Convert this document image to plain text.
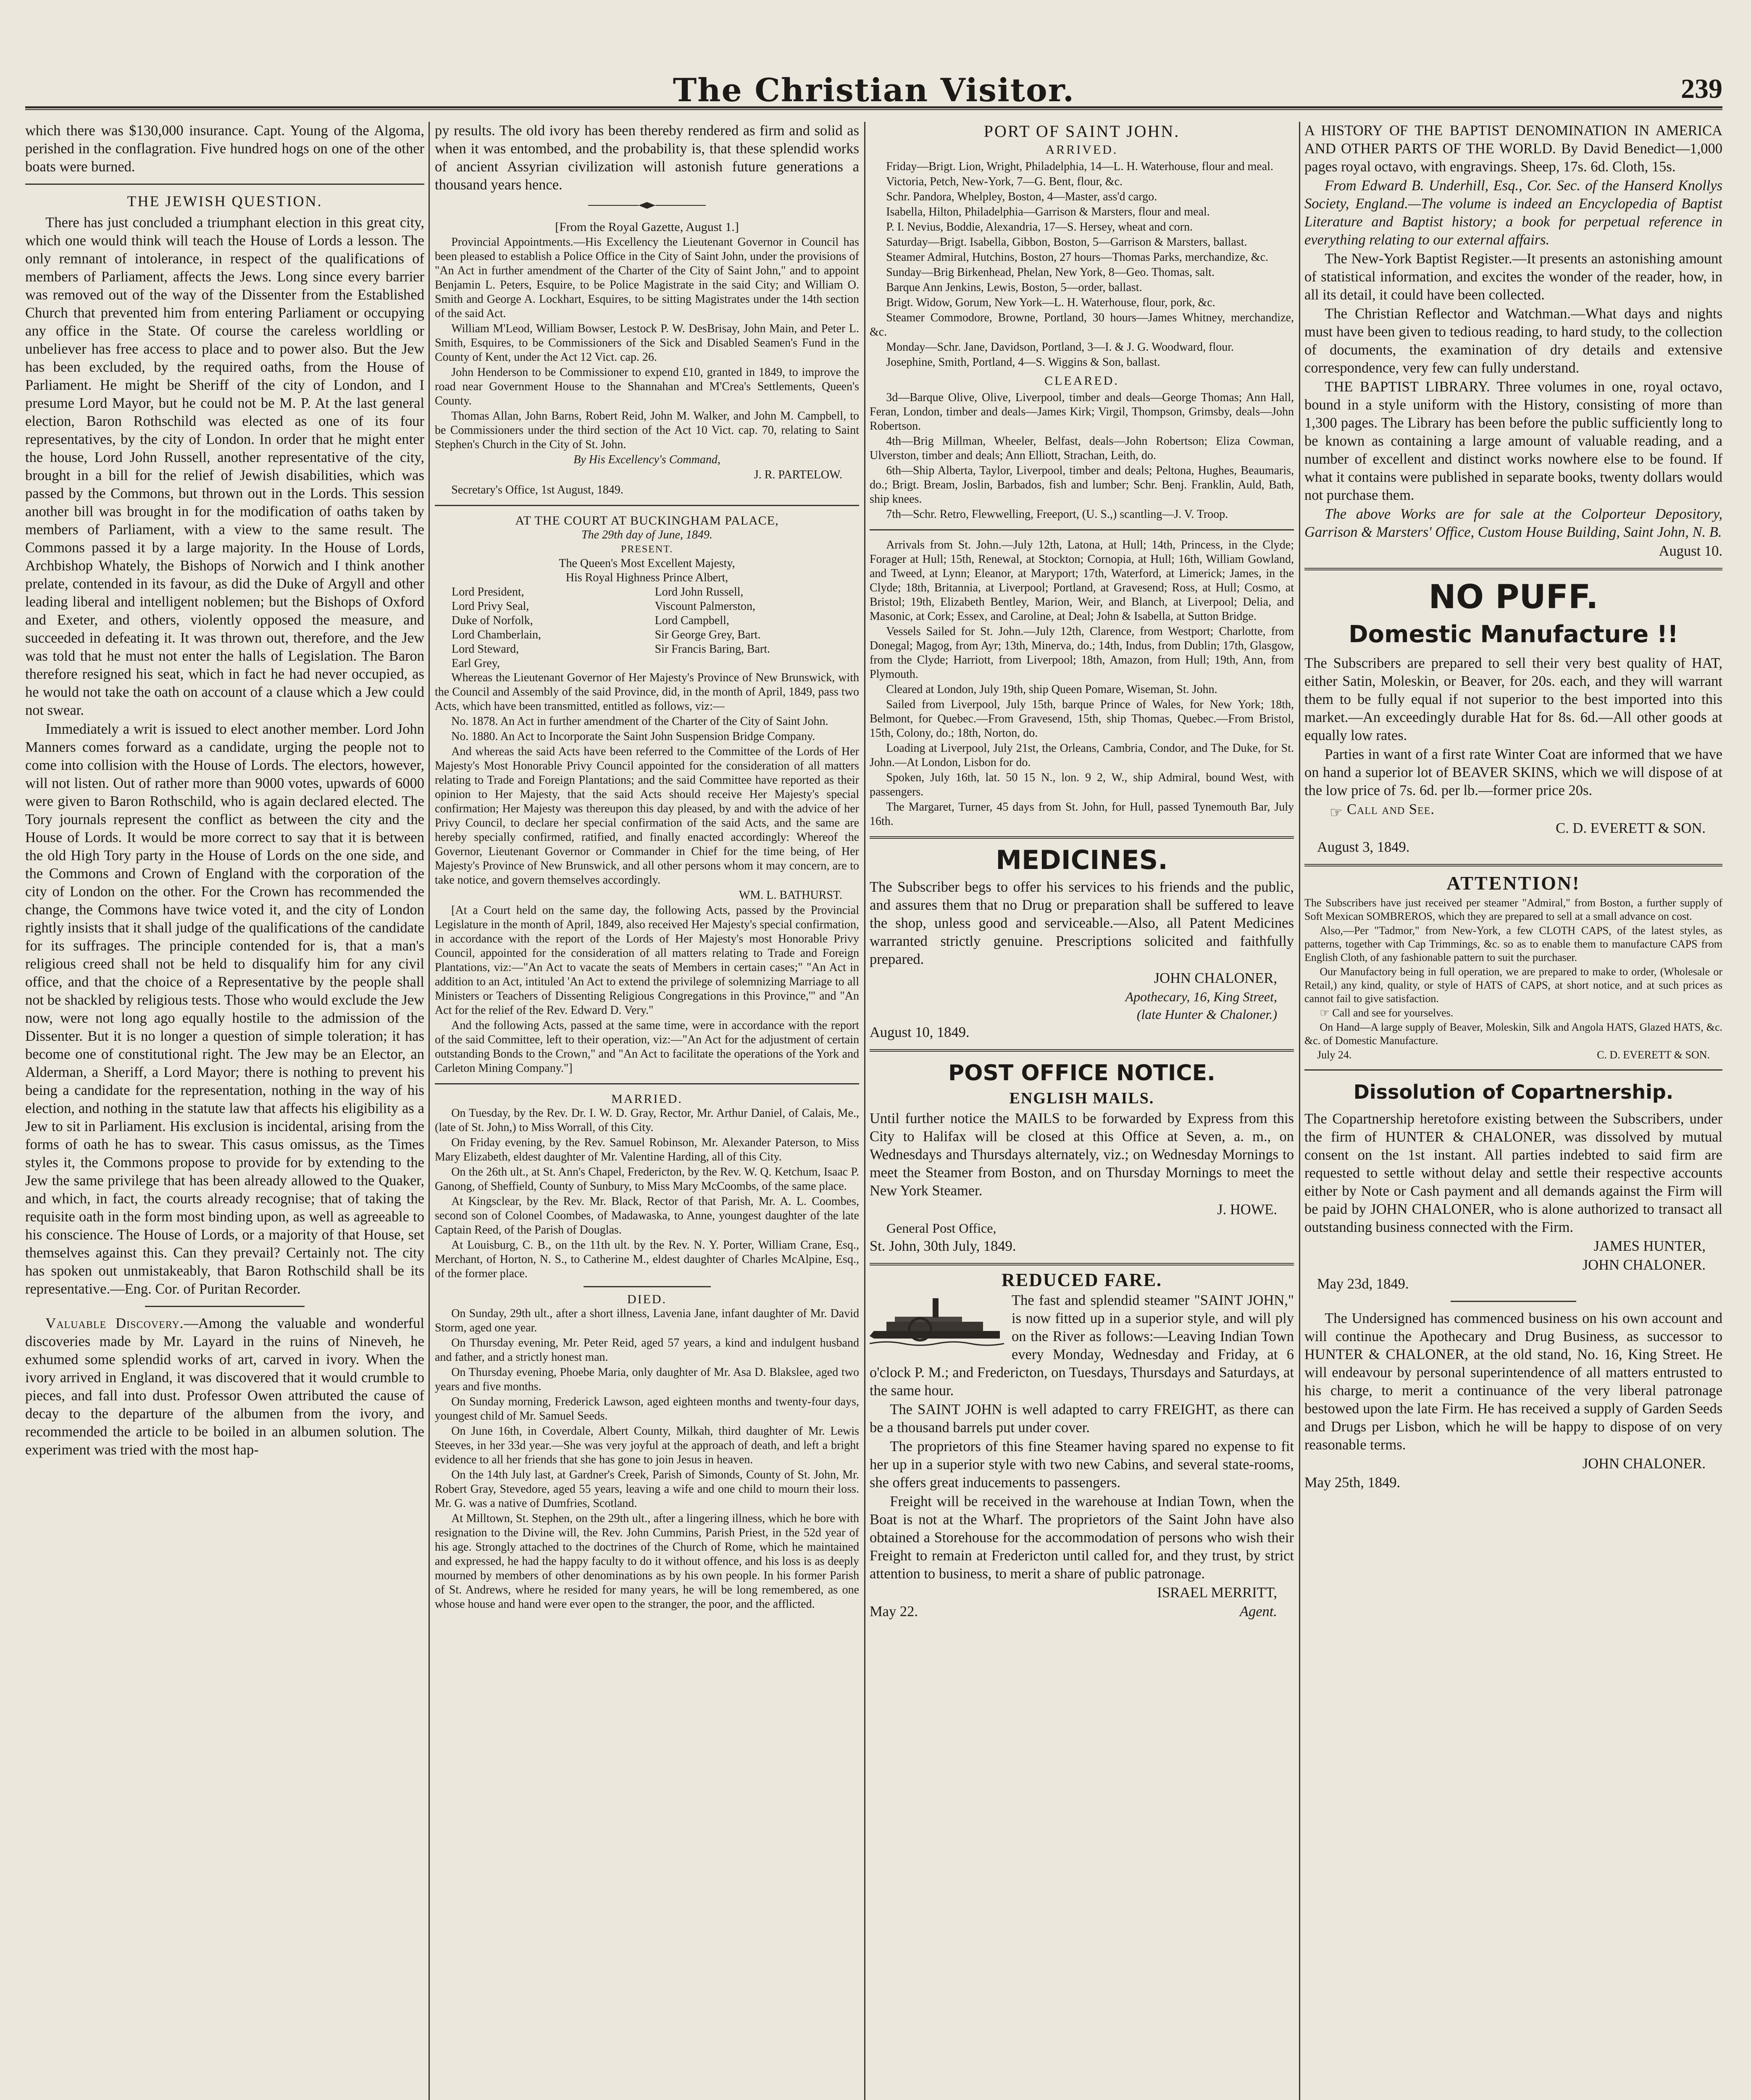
The Christian Visitor.	239

which there was $130,000 insurance. Capt. Young of the Algoma, perished in the conflagration. Five hundred hogs on one of the other boats were burned.

THE JEWISH QUESTION.

There has just concluded a triumphant election in this great city, which one would think will teach the House of Lords a lesson. The only remnant of intolerance, in respect of the qualifications of members of Parliament, affects the Jews. Long since every barrier was removed out of the way of the Dissenter from the Established Church that prevented him from entering Parliament or occupying any office in the State. Of course the careless worldling or unbeliever has free access to place and to power also. But the Jew has been excluded, by the required oaths, from the House of Parliament. He might be Sheriff of the city of London, and I presume Lord Mayor, but he could not be M. P. At the last general election, Baron Rothschild was elected as one of its four representatives, by the city of London. In order that he might enter the house, Lord John Russell, another representative of the city, brought in a bill for the relief of Jewish disabilities, which was passed by the Commons, but thrown out in the Lords. This session another bill was brought in for the modification of oaths taken by members of Parliament, with a view to the same result. The Commons passed it by a large majority. In the House of Lords, Archbishop Whately, the Bishops of Norwich and I think another prelate, contended in its favour, as did the Duke of Argyll and other leading liberal and intelligent noblemen; but the Bishops of Oxford and Exeter, and others, violently opposed the measure, and succeeded in defeating it. It was thrown out, therefore, and the Jew was told that he must not enter the halls of Legislation. The Baron therefore resigned his seat, which in fact he had never occupied, as he would not take the oath on account of a clause which a Jew could not swear.

Immediately a writ is issued to elect another member. Lord John Manners comes forward as a candidate, urging the people not to come into collision with the House of Lords. The electors, however, will not listen. Out of rather more than 9000 votes, upwards of 6000 were given to Baron Rothschild, who is again declared elected. The Tory journals represent the conflict as between the city and the House of Lords. It would be more correct to say that it is between the old High Tory party in the House of Lords on the one side, and the Commons and Crown of England with the corporation of the city of London on the other. For the Crown has recommended the change, the Commons have twice voted it, and the city of London rightly insists that it shall judge of the qualifications of the candidate for its suffrages. The principle contended for is, that a man's religious creed shall not be held to disqualify him for any civil office, and that the choice of a Representative by the people shall not be shackled by religious tests. Those who would exclude the Jew now, were not long ago equally hostile to the admission of the Dissenter. But it is no longer a question of simple toleration; it has become one of constitutional right. The Jew may be an Elector, an Alderman, a Sheriff, a Lord Mayor; there is nothing to prevent his being a candidate for the representation, nothing in the way of his election, and nothing in the statute law that affects his eligibility as a Jew to sit in Parliament. His exclusion is incidental, arising from the forms of oath he has to swear. This casus omissus, as the Times styles it, the Commons propose to provide for by extending to the Jew the same privilege that has been already allowed to the Quaker, and which, in fact, the courts already recognise; that of taking the requisite oath in the form most binding upon, as well as agreeable to his conscience. The House of Lords, or a majority of that House, set themselves against this. Can they prevail? Certainly not. The city has spoken out unmistakeably, that Baron Rothschild shall be its representative.—Eng. Cor. of Puritan Recorder.

Valuable Discovery.—Among the valuable and wonderful discoveries made by Mr. Layard in the ruins of Nineveh, he exhumed some splendid works of art, carved in ivory. When the ivory arrived in England, it was discovered that it would crumble to pieces, and fall into dust. Professor Owen attributed the cause of decay to the departure of the albumen from the ivory, and recommended the article to be boiled in an albumen solution. The experiment was tried with the most hap-

py results. The old ivory has been thereby rendered as firm and solid as when it was entombed, and the probability is, that these splendid works of ancient Assyrian civilization will astonish future generations a thousand years hence.

[From the Royal Gazette, August 1.]

Provincial Appointments.—His Excellency the Lieutenant Governor in Council has been pleased to establish a Police Office in the City of Saint John, under the provisions of "An Act in further amendment of the Charter of the City of Saint John," and to appoint Benjamin L. Peters, Esquire, to be Police Magistrate in the said City; and William O. Smith and George A. Lockhart, Esquires, to be sitting Magistrates under the 14th section of the said Act.

William M'Leod, William Bowser, Lestock P. W. DesBrisay, John Main, and Peter L. Smith, Esquires, to be Commissioners of the Sick and Disabled Seamen's Fund in the County of Kent, under the Act 12 Vict. cap. 26.

John Henderson to be Commissioner to expend £10, granted in 1849, to improve the road near Government House to the Shannahan and M'Crea's Settlements, Queen's County.

Thomas Allan, John Barns, Robert Reid, John M. Walker, and John M. Campbell, to be Commissioners under the third section of the Act 10 Vict. cap. 70, relating to Saint Stephen's Church in the City of St. John.

By His Excellency's Command,

J. R. PARTELOW.

Secretary's Office, 1st August, 1849.

AT THE COURT AT BUCKINGHAM PALACE,
The 29th day of June, 1849.
PRESENT.
The Queen's Most Excellent Majesty,
His Royal Highness Prince Albert,
Lord President,	Lord John Russell,
Lord Privy Seal,	Viscount Palmerston,
Duke of Norfolk,	Lord Campbell,
Lord Chamberlain,	Sir George Grey, Bart.
Lord Steward,	Sir Francis Baring, Bart.
Earl Grey,

Whereas the Lieutenant Governor of Her Majesty's Province of New Brunswick, with the Council and Assembly of the said Province, did, in the month of April, 1849, pass two Acts, which have been transmitted, entitled as follows, viz:—

No. 1878. An Act in further amendment of the Charter of the City of Saint John.

No. 1880. An Act to Incorporate the Saint John Suspension Bridge Company.

And whereas the said Acts have been referred to the Committee of the Lords of Her Majesty's Most Honorable Privy Council appointed for the consideration of all matters relating to Trade and Foreign Plantations; and the said Committee have reported as their opinion to Her Majesty, that the said Acts should receive Her Majesty's special confirmation; Her Majesty was thereupon this day pleased, by and with the advice of her Privy Council, to declare her special confirmation of the said Acts, and the same are hereby specially confirmed, ratified, and finally enacted accordingly: Whereof the Governor, Lieutenant Governor or Commander in Chief for the time being, of Her Majesty's Province of New Brunswick, and all other persons whom it may concern, are to take notice, and govern themselves accordingly.

WM. L. BATHURST.

[At a Court held on the same day, the following Acts, passed by the Provincial Legislature in the month of April, 1849, also received Her Majesty's special confirmation, in accordance with the report of the Lords of Her Majesty's most Honorable Privy Council, appointed for the consideration of all matters relating to Trade and Foreign Plantations, viz:—"An Act to vacate the seats of Members in certain cases;" "An Act in addition to an Act, intituled 'An Act to extend the privilege of solemnizing Marriage to all Ministers or Teachers of Dissenting Religious Congregations in this Province,'" and "An Act for the relief of the Rev. Edward D. Very."

And the following Acts, passed at the same time, were in accordance with the report of the said Committee, left to their operation, viz:—"An Act for the adjustment of certain outstanding Bonds to the Crown," and "An Act to facilitate the operations of the York and Carleton Mining Company."]

MARRIED.

On Tuesday, by the Rev. Dr. I. W. D. Gray, Rector, Mr. Arthur Daniel, of Calais, Me., (late of St. John,) to Miss Worrall, of this City.

On Friday evening, by the Rev. Samuel Robinson, Mr. Alexander Paterson, to Miss Mary Elizabeth, eldest daughter of Mr. Valentine Harding, all of this City.

On the 26th ult., at St. Ann's Chapel, Fredericton, by the Rev. W. Q. Ketchum, Isaac P. Ganong, of Sheffield, County of Sunbury, to Miss Mary McCoombs, of the same place.

At Kingsclear, by the Rev. Mr. Black, Rector of that Parish, Mr. A. L. Coombes, second son of Colonel Coombes, of Madawaska, to Anne, youngest daughter of the late Captain Reed, of the Parish of Douglas.

At Louisburg, C. B., on the 11th ult. by the Rev. N. Y. Porter, William Crane, Esq., Merchant, of Horton, N. S., to Catherine M., eldest daughter of Charles McAlpine, Esq., of the former place.

DIED.

On Sunday, 29th ult., after a short illness, Lavenia Jane, infant daughter of Mr. David Storm, aged one year.

On Thursday evening, Mr. Peter Reid, aged 57 years, a kind and indulgent husband and father, and a strictly honest man.

On Thursday evening, Phoebe Maria, only daughter of Mr. Asa D. Blakslee, aged two years and five months.

On Sunday morning, Frederick Lawson, aged eighteen months and twenty-four days, youngest child of Mr. Samuel Seeds.

On June 16th, in Coverdale, Albert County, Milkah, third daughter of Mr. Lewis Steeves, in her 33d year.—She was very joyful at the approach of death, and left a bright evidence to all her friends that she has gone to join Jesus in heaven.

On the 14th July last, at Gardner's Creek, Parish of Simonds, County of St. John, Mr. Robert Gray, Stevedore, aged 55 years, leaving a wife and one child to mourn their loss. Mr. G. was a native of Dumfries, Scotland.

At Milltown, St. Stephen, on the 29th ult., after a lingering illness, which he bore with resignation to the Divine will, the Rev. John Cummins, Parish Priest, in the 52d year of his age. Strongly attached to the doctrines of the Church of Rome, which he maintained and expressed, he had the happy faculty to do it without offence, and his loss is as deeply mourned by members of other denominations as by his own people. In his former Parish of St. Andrews, where he resided for many years, he will be long remembered, as one whose house and hand were ever open to the stranger, the poor, and the afflicted.

PORT OF SAINT JOHN.
ARRIVED.

Friday—Brigt. Lion, Wright, Philadelphia, 14—L. H. Waterhouse, flour and meal.

Victoria, Petch, New-York, 7—G. Bent, flour, &c.

Schr. Pandora, Whelpley, Boston, 4—Master, ass'd cargo.

Isabella, Hilton, Philadelphia—Garrison & Marsters, flour and meal.

P. I. Nevius, Boddie, Alexandria, 17—S. Hersey, wheat and corn.

Saturday—Brigt. Isabella, Gibbon, Boston, 5—Garrison & Marsters, ballast.

Steamer Admiral, Hutchins, Boston, 27 hours—Thomas Parks, merchandize, &c.

Sunday—Brig Birkenhead, Phelan, New York, 8—Geo. Thomas, salt.

Barque Ann Jenkins, Lewis, Boston, 5—order, ballast.

Brigt. Widow, Gorum, New York—L. H. Waterhouse, flour, pork, &c.

Steamer Commodore, Browne, Portland, 30 hours—James Whitney, merchandize, &c.

Monday—Schr. Jane, Davidson, Portland, 3—I. & J. G. Woodward, flour.

Josephine, Smith, Portland, 4—S. Wiggins & Son, ballast.

CLEARED.

3d—Barque Olive, Olive, Liverpool, timber and deals—George Thomas; Ann Hall, Feran, London, timber and deals—James Kirk; Virgil, Thompson, Grimsby, deals—John Robertson.

4th—Brig Millman, Wheeler, Belfast, deals—John Robertson; Eliza Cowman, Ulverston, timber and deals; Ann Elliott, Strachan, Leith, do.

6th—Ship Alberta, Taylor, Liverpool, timber and deals; Peltona, Hughes, Beaumaris, do.; Brigt. Bream, Joslin, Barbados, fish and lumber; Schr. Benj. Franklin, Auld, Bath, ship knees.

7th—Schr. Retro, Flewwelling, Freeport, (U. S.,) scantling—J. V. Troop.

Arrivals from St. John.—July 12th, Latona, at Hull; 14th, Princess, in the Clyde; Forager at Hull; 15th, Renewal, at Stockton; Cornopia, at Hull; 16th, William Gowland, and Tweed, at Lynn; Eleanor, at Maryport; 17th, Waterford, at Limerick; James, in the Clyde; 18th, Britannia, at Liverpool; Portland, at Gravesend; Ross, at Hull; Cosmo, at Bristol; 19th, Elizabeth Bentley, Marion, Weir, and Blanch, at Liverpool; Delia, and Masonic, at Cork; Essex, and Caroline, at Deal; John & Isabella, at Sutton Bridge.

Vessels Sailed for St. John.—July 12th, Clarence, from Westport; Charlotte, from Donegal; Magog, from Ayr; 13th, Minerva, do.; 14th, Indus, from Dublin; 17th, Glasgow, from the Clyde; Harriott, from Liverpool; 18th, Amazon, from Hull; 19th, Ann, from Plymouth.

Cleared at London, July 19th, ship Queen Pomare, Wiseman, St. John.

Sailed from Liverpool, July 15th, barque Prince of Wales, for New York; 18th, Belmont, for Quebec.—From Gravesend, 15th, ship Thomas, Quebec.—From Bristol, 15th, Colony, do.; 18th, Norton, do.

Loading at Liverpool, July 21st, the Orleans, Cambria, Condor, and The Duke, for St. John.—At London, Lisbon for do.

Spoken, July 16th, lat. 50 15 N., lon. 9 2, W., ship Admiral, bound West, with passengers.

The Margaret, Turner, 45 days from St. John, for Hull, passed Tynemouth Bar, July 16th.

MEDICINES.

The Subscriber begs to offer his services to his friends and the public, and assures them that no Drug or preparation shall be suffered to leave the shop, unless good and serviceable.—Also, all Patent Medicines warranted strictly genuine. Prescriptions solicited and faithfully prepared.

JOHN CHALONER,

Apothecary, 16, King Street,

(late Hunter & Chaloner.)

August 10, 1849.

POST OFFICE NOTICE.
ENGLISH MAILS.

Until further notice the MAILS to be forwarded by Express from this City to Halifax will be closed at this Office at Seven, a. m., on Wednesdays and Thursdays alternately, viz.; on Wednesday Mornings to meet the Steamer from Boston, and on Thursday Mornings to meet the New York Steamer.

J. HOWE.

General Post Office,

St. John, 30th July, 1849.

REDUCED FARE.

The fast and splendid steamer "SAINT JOHN," is now fitted up in a superior style, and will ply on the River as follows:—Leaving Indian Town every Monday, Wednesday and Friday, at 6 o'clock P. M.; and Fredericton, on Tuesdays, Thursdays and Saturdays, at the same hour.

The SAINT JOHN is well adapted to carry FREIGHT, as there can be a thousand barrels put under cover.

The proprietors of this fine Steamer having spared no expense to fit her up in a superior style with two new Cabins, and several state-rooms, she offers great inducements to passengers.

Freight will be received in the warehouse at Indian Town, when the Boat is not at the Wharf. The proprietors of the Saint John have also obtained a Storehouse for the accommodation of persons who wish their Freight to remain at Fredericton until called for, and they trust, by strict attention to business, to merit a share of public patronage.

ISRAEL MERRITT,

May 22.	Agent.

A HISTORY OF THE BAPTIST DENOMINATION IN AMERICA AND OTHER PARTS OF THE WORLD. By David Benedict—1,000 pages royal octavo, with engravings. Sheep, 17s. 6d. Cloth, 15s.

From Edward B. Underhill, Esq., Cor. Sec. of the Hanserd Knollys Society, England.—The volume is indeed an Encyclopedia of Baptist Literature and Baptist history; a book for perpetual reference in everything relating to our external affairs.

The New-York Baptist Register.—It presents an astonishing amount of statistical information, and excites the wonder of the reader, how, in all its detail, it could have been collected.

The Christian Reflector and Watchman.—What days and nights must have been given to tedious reading, to hard study, to the collection of documents, the examination of dry details and extensive correspondence, very few can fully understand.

THE BAPTIST LIBRARY. Three volumes in one, royal octavo, bound in a style uniform with the History, consisting of more than 1,300 pages. The Library has been before the public sufficiently long to be known as containing a large amount of valuable reading, and a number of excellent and distinct works nowhere else to be found. If what it contains were published in separate books, twenty dollars would not purchase them.

The above Works are for sale at the Colporteur Depository, Garrison & Marsters' Office, Custom House Building, Saint John, N. B.

August 10.

NO PUFF.
Domestic Manufacture !!

The Subscribers are prepared to sell their very best quality of HAT, either Satin, Moleskin, or Beaver, for 20s. each, and they will warrant them to be fully equal if not superior to the best imported into this market.—An exceedingly durable Hat for 8s. 6d.—All other goods at equally low rates.

Parties in want of a first rate Winter Coat are informed that we have on hand a superior lot of BEAVER SKINS, which we will dispose of at the low price of 7s. 6d. per lb.—former price 20s.

☞ Call and See.

C. D. EVERETT & SON.

August 3, 1849.

ATTENTION!

The Subscribers have just received per steamer "Admiral," from Boston, a further supply of Soft Mexican SOMBREROS, which they are prepared to sell at a small advance on cost.

Also,—Per "Tadmor," from New-York, a few CLOTH CAPS, of the latest styles, as patterns, together with Cap Trimmings, &c. so as to enable them to manufacture CAPS from English Cloth, of any fashionable pattern to suit the purchaser.

Our Manufactory being in full operation, we are prepared to make to order, (Wholesale or Retail,) any kind, quality, or style of HATS of CAPS, at short notice, and at such prices as cannot fail to give satisfaction.

☞ Call and see for yourselves.

On Hand—A large supply of Beaver, Moleskin, Silk and Angola HATS, Glazed HATS, &c. &c. of Domestic Manufacture.

July 24.	C. D. EVERETT & SON.
Dissolution of Copartnership.

The Copartnership heretofore existing between the Subscribers, under the firm of HUNTER & CHALONER, was dissolved by mutual consent on the 1st instant. All parties indebted to said firm are requested to settle without delay and settle their respective accounts either by Note or Cash payment and all demands against the Firm will be paid by JOHN CHALONER, who is alone authorized to transact all outstanding business connected with the Firm.

JAMES HUNTER,

JOHN CHALONER.

May 23d, 1849.

The Undersigned has commenced business on his own account and will continue the Apothecary and Drug Business, as successor to HUNTER & CHALONER, at the old stand, No. 16, King Street. He will endeavour by personal superintendence of all matters entrusted to his charge, to merit a continuance of the very liberal patronage bestowed upon the late Firm. He has received a supply of Garden Seeds and Drugs per Lisbon, which he will be happy to dispose of on very reasonable terms.

JOHN CHALONER.

May 25th, 1849.
